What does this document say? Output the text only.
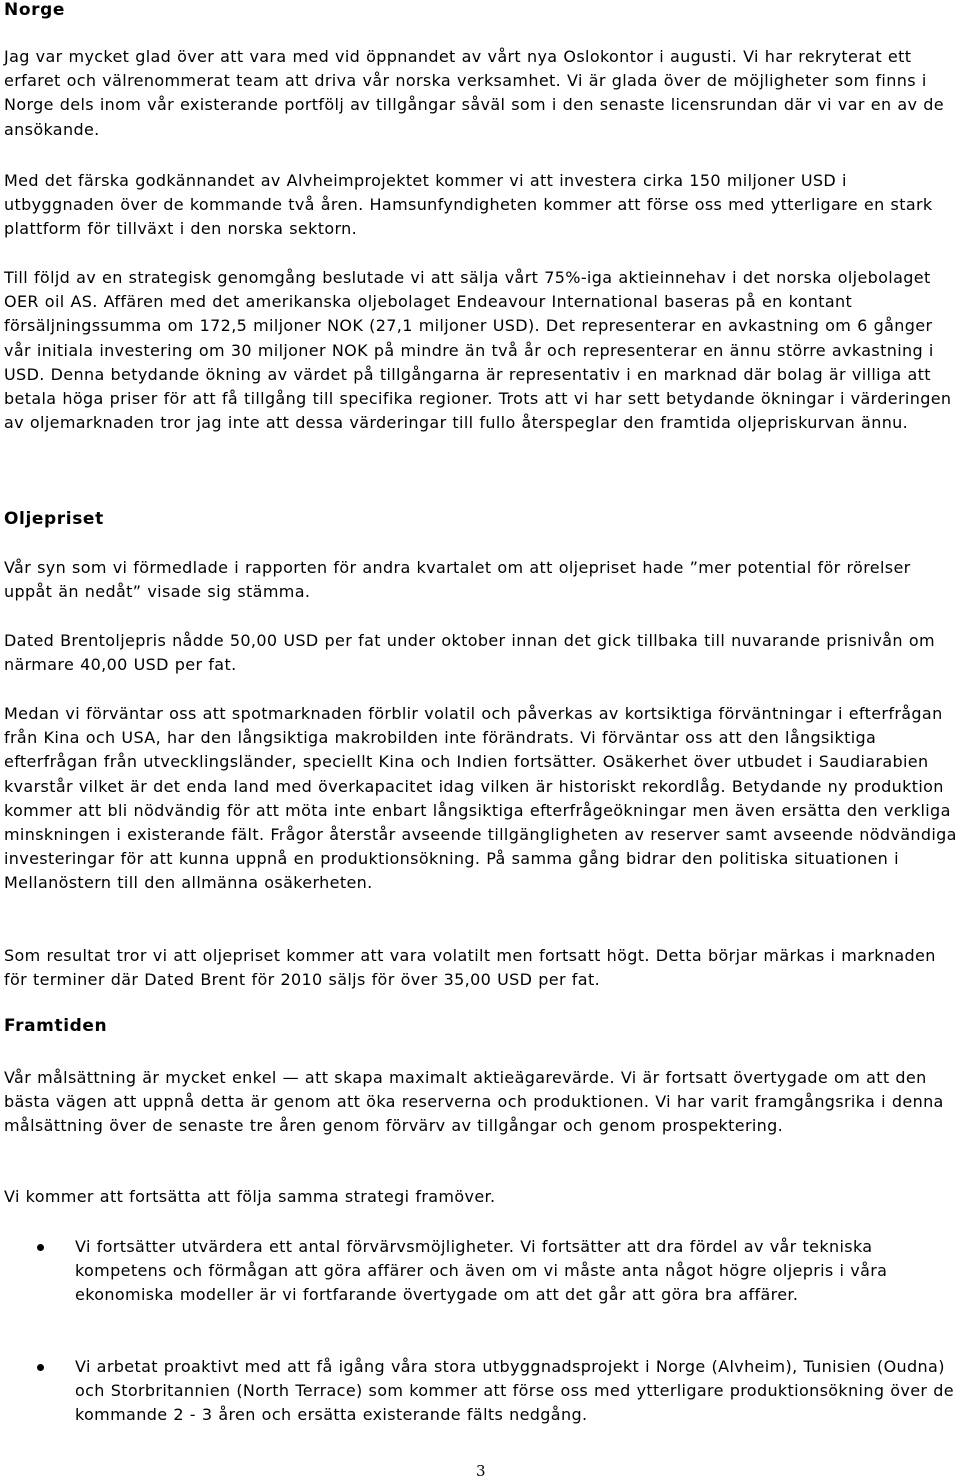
Norge

Jag var mycket glad över att vara med vid öppnandet av vårt nya Oslokontor i augusti. Vi har rekryterat ett erfaret och välrenommerat team att driva vår norska verksamhet. Vi är glada över de möjligheter som finns i Norge dels inom vår existerande portfölj av tillgångar såväl som i den senaste licensrundan där vi var en av de ansökande.

Med det färska godkännandet av Alvheimprojektet kommer vi att investera cirka 150 miljoner USD i utbyggnaden över de kommande två åren. Hamsunfyndigheten kommer att förse oss med ytterligare en stark plattform för tillväxt i den norska sektorn.

Till följd av en strategisk genomgång beslutade vi att sälja vårt 75%-iga aktieinnehav i det norska oljebolaget OER oil AS. Affären med det amerikanska oljebolaget Endeavour International baseras på en kontant försäljningssumma om 172,5 miljoner NOK (27,1 miljoner USD). Det representerar en avkastning om 6 gånger vår initiala investering om 30 miljoner NOK på mindre än två år och representerar en ännu större avkastning i USD. Denna betydande ökning av värdet på tillgångarna är representativ i en marknad där bolag är villiga att betala höga priser för att få tillgång till specifika regioner. Trots att vi har sett betydande ökningar i värderingen av oljemarknaden tror jag inte att dessa värderingar till fullo återspeglar den framtida oljepriskurvan ännu.

Oljepriset

Vår syn som vi förmedlade i rapporten för andra kvartalet om att oljepriset hade ”mer potential för rörelser uppåt än nedåt” visade sig stämma.

Dated Brentoljepris nådde 50,00 USD per fat under oktober innan det gick tillbaka till nuvarande prisnivån om närmare 40,00 USD per fat.

Medan vi förväntar oss att spotmarknaden förblir volatil och påverkas av kortsiktiga förväntningar i efterfrågan från Kina och USA, har den långsiktiga makrobilden inte förändrats. Vi förväntar oss att den långsiktiga efterfrågan från utvecklingsländer, speciellt Kina och Indien fortsätter. Osäkerhet över utbudet i Saudiarabien kvarstår vilket är det enda land med överkapacitet idag vilken är historiskt rekordlåg. Betydande ny produktion kommer att bli nödvändig för att möta inte enbart långsiktiga efterfrågeökningar men även ersätta den verkliga minskningen i existerande fält. Frågor återstår avseende tillgängligheten av reserver samt avseende nödvändiga investeringar för att kunna uppnå en produktionsökning. På samma gång bidrar den politiska situationen i Mellanöstern till den allmänna osäkerheten.

Som resultat tror vi att oljepriset kommer att vara volatilt men fortsatt högt. Detta börjar märkas i marknaden för terminer där Dated Brent för 2010 säljs för över 35,00 USD per fat.

Framtiden

Vår målsättning är mycket enkel — att skapa maximalt aktieägarevärde. Vi är fortsatt övertygade om att den bästa vägen att uppnå detta är genom att öka reserverna och produktionen. Vi har varit framgångsrika i denna målsättning över de senaste tre åren genom förvärv av tillgångar och genom prospektering.

Vi kommer att fortsätta att följa samma strategi framöver.

Vi fortsätter utvärdera ett antal förvärvsmöjligheter. Vi fortsätter att dra fördel av vår tekniska kompetens och förmågan att göra affärer och även om vi måste anta något högre oljepris i våra ekonomiska modeller är vi fortfarande övertygade om att det går att göra bra affärer.
Vi arbetat proaktivt med att få igång våra stora utbyggnadsprojekt i Norge (Alvheim), Tunisien (Oudna) och Storbritannien (North Terrace) som kommer att förse oss med ytterligare produktionsökning över de kommande 2 - 3 åren och ersätta existerande fälts nedgång.
3
